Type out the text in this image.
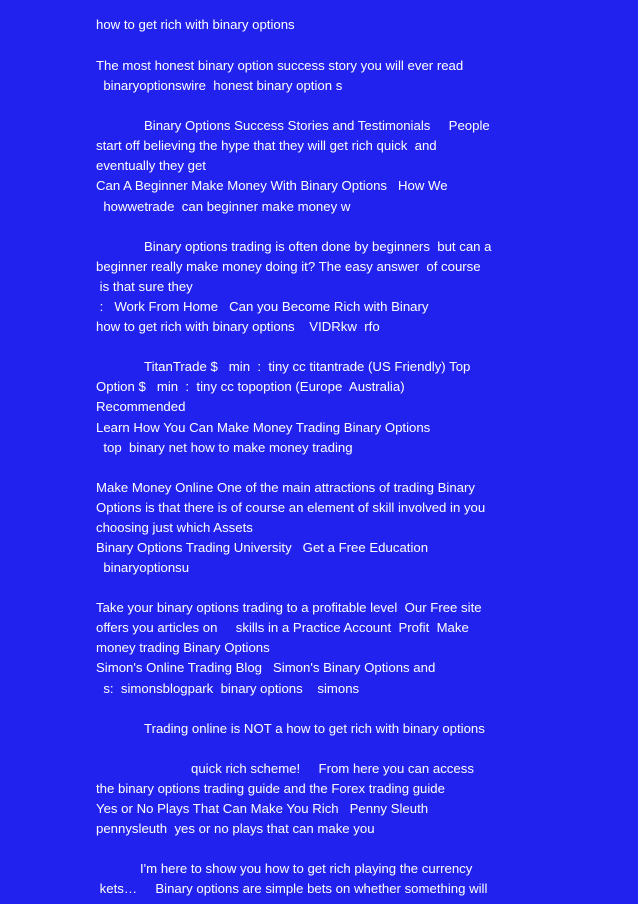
how to get rich with binary options
The most honest binary option success story you will ever read
binaryoptionswire  honest binary option s
Binary Options Success Stories and Testimonials     People
start off believing the hype that they will get rich quick  and
eventually they get
Can A Beginner Make Money With Binary Options   How We
howwetrade  can beginner make money w
Binary options trading is often done by beginners  but can a
beginner really make money doing it? The easy answer  of course
is that sure they
:   Work From Home   Can you Become Rich with Binary
how to get rich with binary options    VIDRkw  rfo
TitanTrade $   min  :  tiny cc titantrade (US Friendly) Top
Option $   min  :  tiny cc topoption (Europe  Australia)
Recommended
Learn How You Can Make Money Trading Binary Options
top  binary net how to make money trading
Make Money Online One of the main attractions of trading Binary
Options is that there is of course an element of skill involved in you
choosing just which Assets
Binary Options Trading University   Get a Free Education
binaryoptionsu
Take your binary options trading to a profitable level  Our Free site
offers you articles on     skills in a Practice Account  Profit  Make
money trading Binary Options
Simon's Online Trading Blog   Simon's Binary Options and
s:  simonsblogpark  binary options    simons
Trading online is NOT a how to get rich with binary options
quick rich scheme!     From here you can access
the binary options trading guide and the Forex trading guide
Yes or No Plays That Can Make You Rich   Penny Sleuth
pennysleuth  yes or no plays that can make you
I'm here to show you how to get rich playing the currency
kets…     Binary options are simple bets on whether something will
